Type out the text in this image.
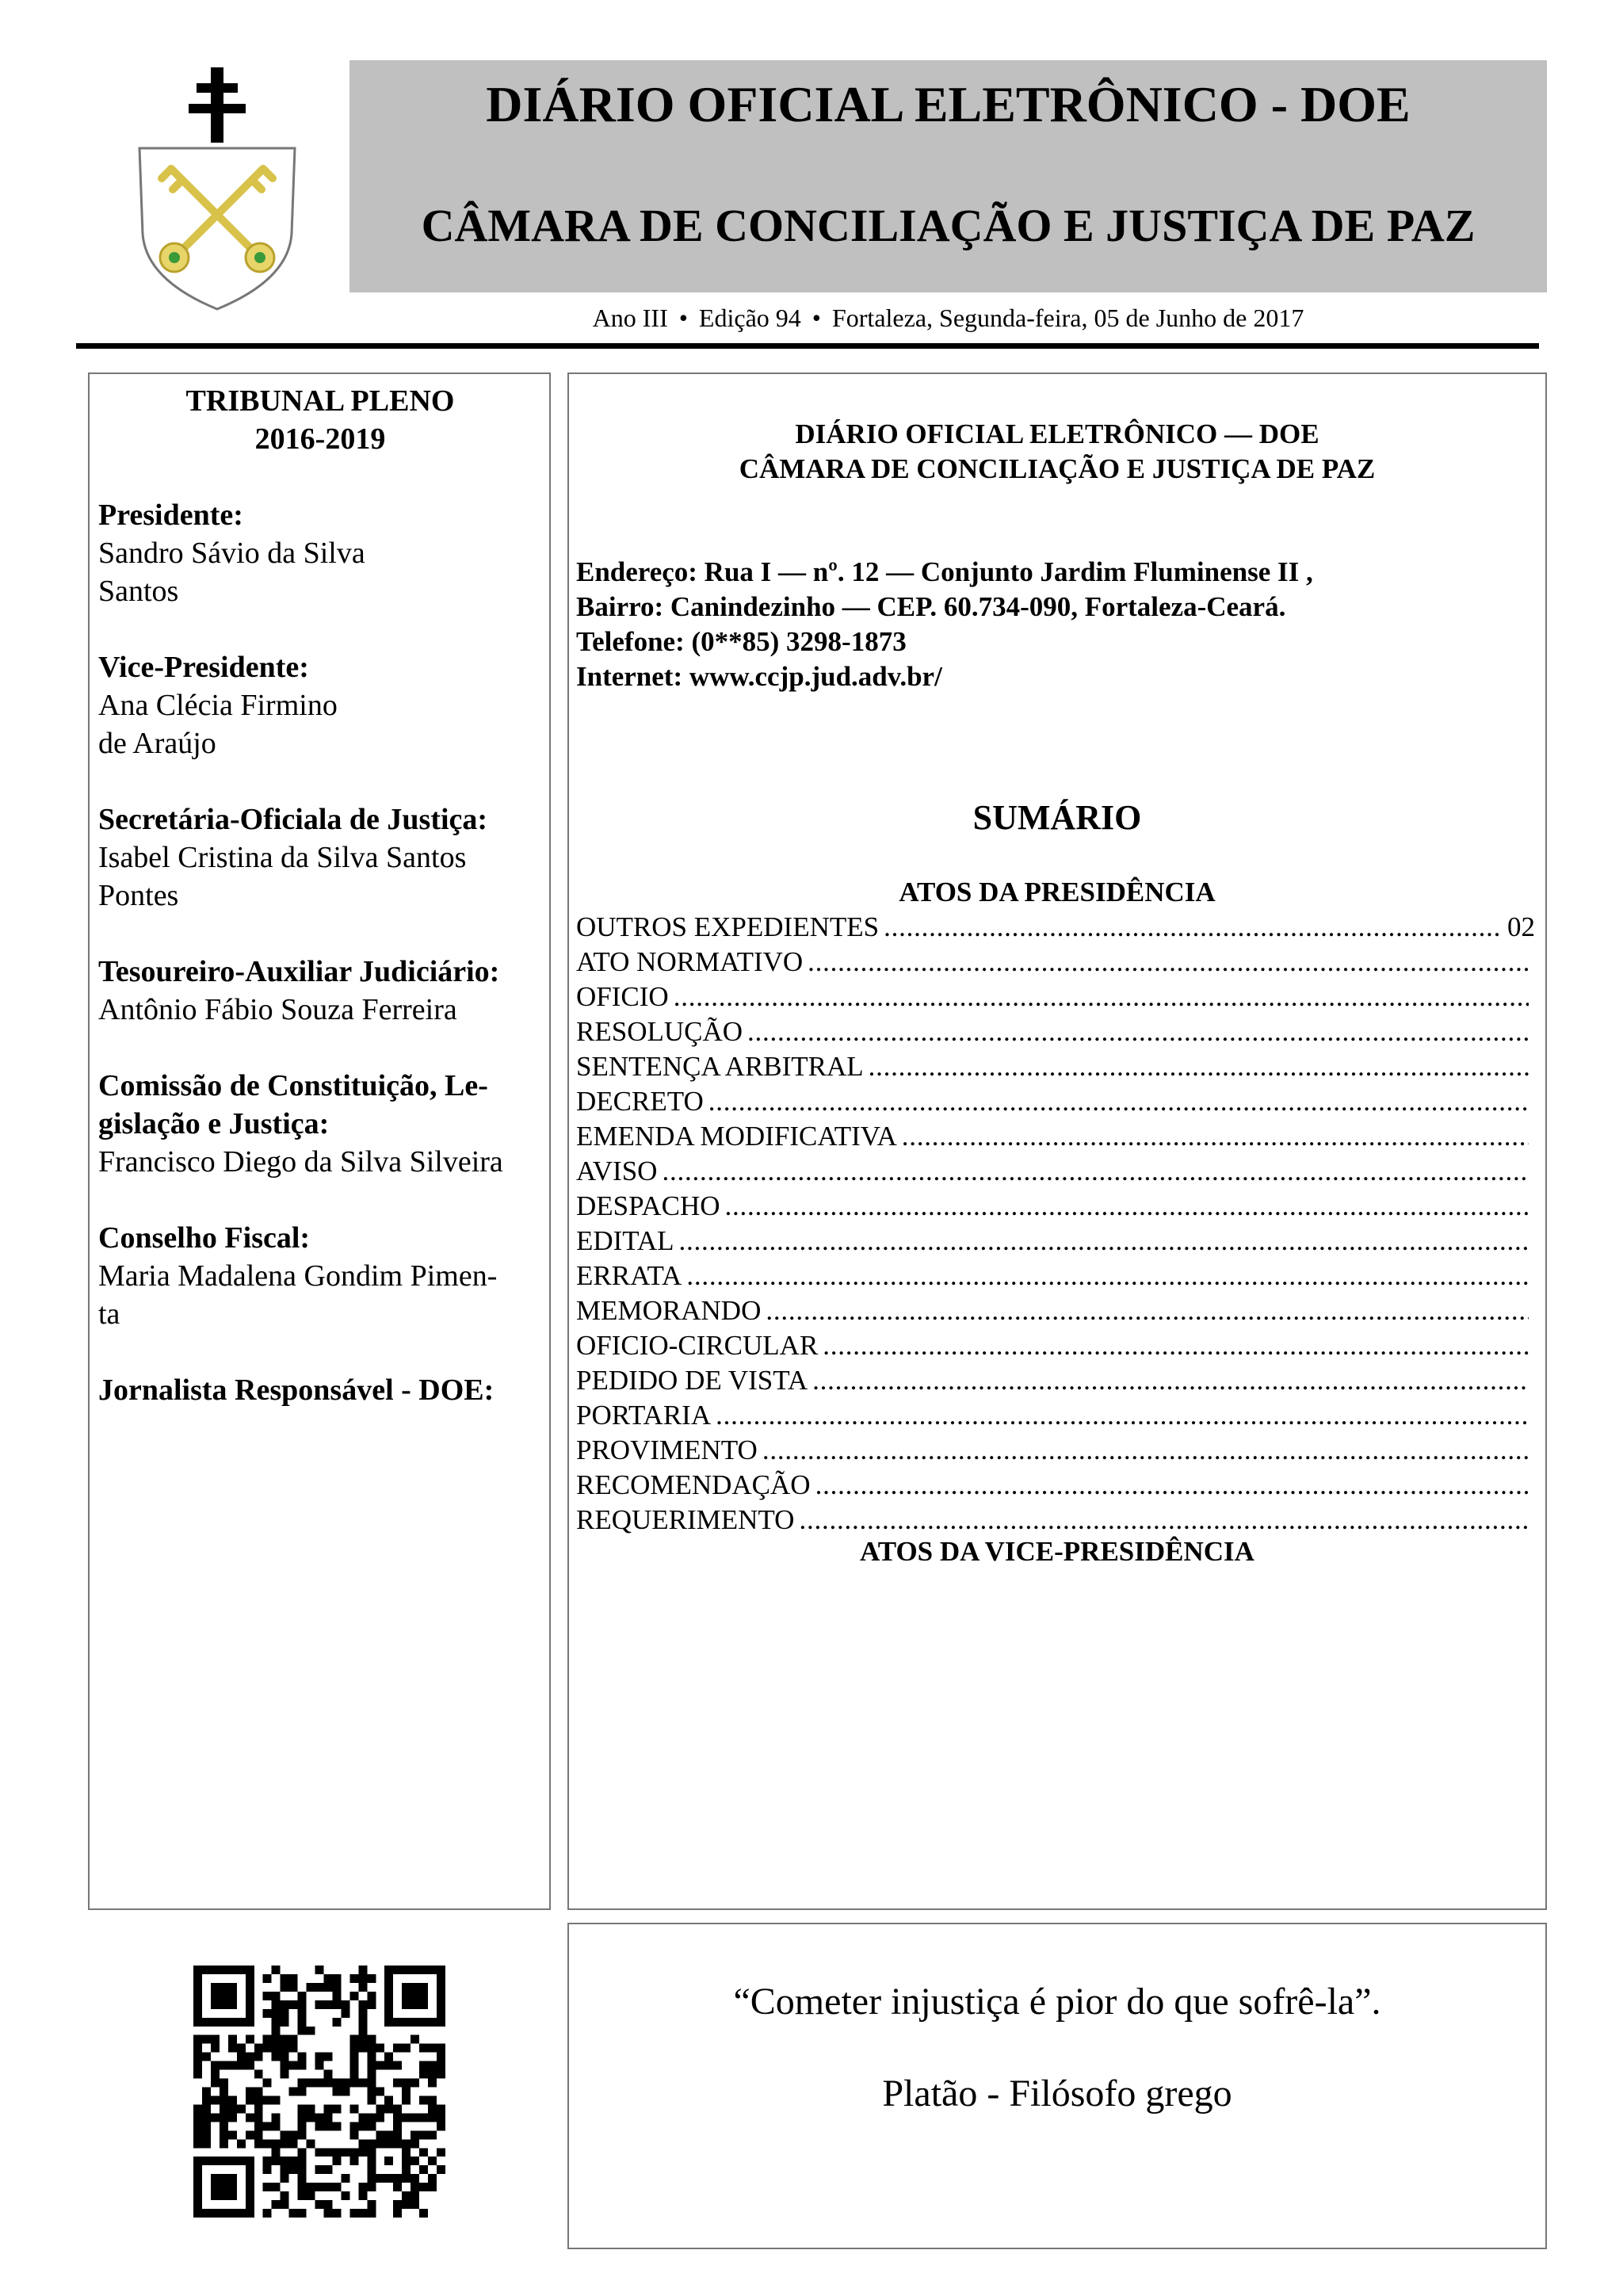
DIÁRIO OFICIAL ELETRÔNICO - DOE
CÂMARA DE CONCILIAÇÃO E JUSTIÇA DE PAZ
Ano III • Edição 94 • Fortaleza, Segunda-feira, 05 de Junho de 2017
TRIBUNAL PLENO
2016-2019
Presidente:
Sandro Sávio da Silva
Santos
Vice-Presidente:
Ana Clécia Firmino
de Araújo
Secretária-Oficiala de Justiça:
Isabel Cristina da Silva Santos
Pontes
Tesoureiro-Auxiliar Judiciário:
Antônio Fábio Souza Ferreira
Comissão de Constituição, Le-
gislação e Justiça:
Francisco Diego da Silva Silveira
Conselho Fiscal:
Maria Madalena Gondim Pimen-
ta
Jornalista Responsável - DOE:
DIÁRIO OFICIAL ELETRÔNICO — DOE
CÂMARA DE CONCILIAÇÃO E JUSTIÇA DE PAZ
Endereço: Rua I — nº. 12 — Conjunto Jardim Fluminense II ,
Bairro: Canindezinho — CEP. 60.734-090, Fortaleza-Ceará.
Telefone: (0**85) 3298-1873
Internet: www.ccjp.jud.adv.br/
SUMÁRIO
ATOS DA PRESIDÊNCIA
OUTROS EXPEDIENTES
. . .	02
ATO NORMATIVO
. . .
OFICIO
. . .
RESOLUÇÃO
. . .
SENTENÇA ARBITRAL
. . .
DECRETO
. . .
EMENDA MODIFICATIVA
. . .
AVISO
. . .
DESPACHO
. . .
EDITAL
. . .
ERRATA
. . .
MEMORANDO
. . .
OFICIO-CIRCULAR
. . .
PEDIDO DE VISTA
. . .
PORTARIA
. . .
PROVIMENTO
. . .
RECOMENDAÇÃO
. . .
REQUERIMENTO
. . .
ATOS DA VICE-PRESIDÊNCIA
“Cometer injustiça é pior do que sofrê-la”.
Platão - Filósofo grego
